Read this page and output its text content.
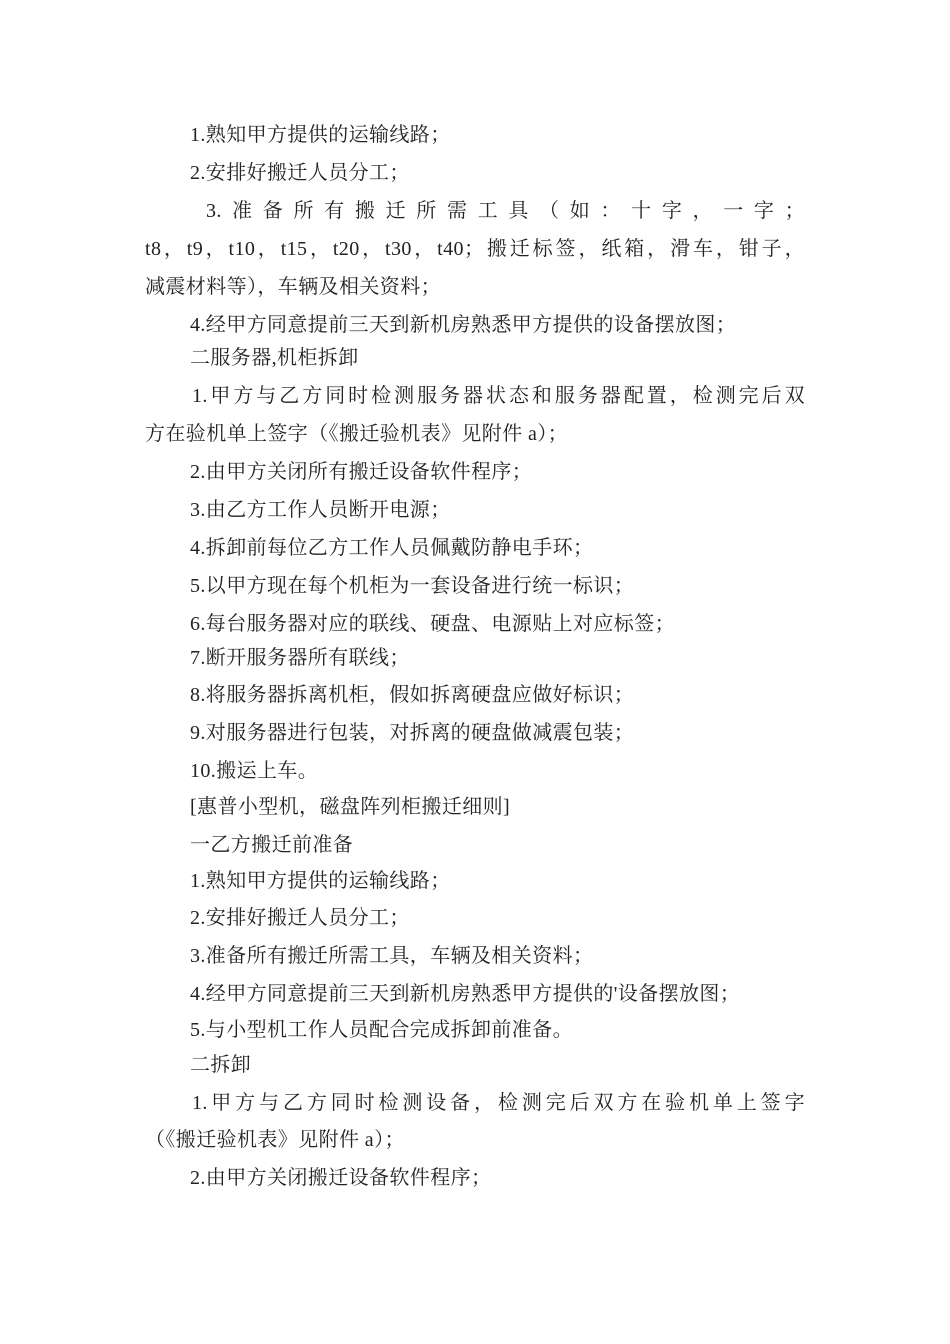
1.熟知甲方提供的运输线路；
2.安排好搬迁人员分工；
3.准备所有搬迁所需工具（如：十字，一字；
t8，t9，t10，t15，t20，t30，t40；搬迁标签，纸箱，滑车，钳子，
减震材料等），车辆及相关资料；
4.经甲方同意提前三天到新机房熟悉甲方提供的设备摆放图；
二服务器,机柜拆卸
1.甲方与乙方同时检测服务器状态和服务器配置，检测完后双
方在验机单上签字（《搬迁验机表》见附件 a）；
2.由甲方关闭所有搬迁设备软件程序；
3.由乙方工作人员断开电源；
4.拆卸前每位乙方工作人员佩戴防静电手环；
5.以甲方现在每个机柜为一套设备进行统一标识；
6.每台服务器对应的联线、硬盘、电源贴上对应标签；
7.断开服务器所有联线；
8.将服务器拆离机柜，假如拆离硬盘应做好标识；
9.对服务器进行包装，对拆离的硬盘做减震包装；
10.搬运上车。
[惠普小型机，磁盘阵列柜搬迁细则]
一乙方搬迁前准备
1.熟知甲方提供的运输线路；
2.安排好搬迁人员分工；
3.准备所有搬迁所需工具，车辆及相关资料；
4.经甲方同意提前三天到新机房熟悉甲方提供的'设备摆放图；
5.与小型机工作人员配合完成拆卸前准备。
二拆卸
1.甲方与乙方同时检测设备，检测完后双方在验机单上签字
（《搬迁验机表》见附件 a）；
2.由甲方关闭搬迁设备软件程序；
